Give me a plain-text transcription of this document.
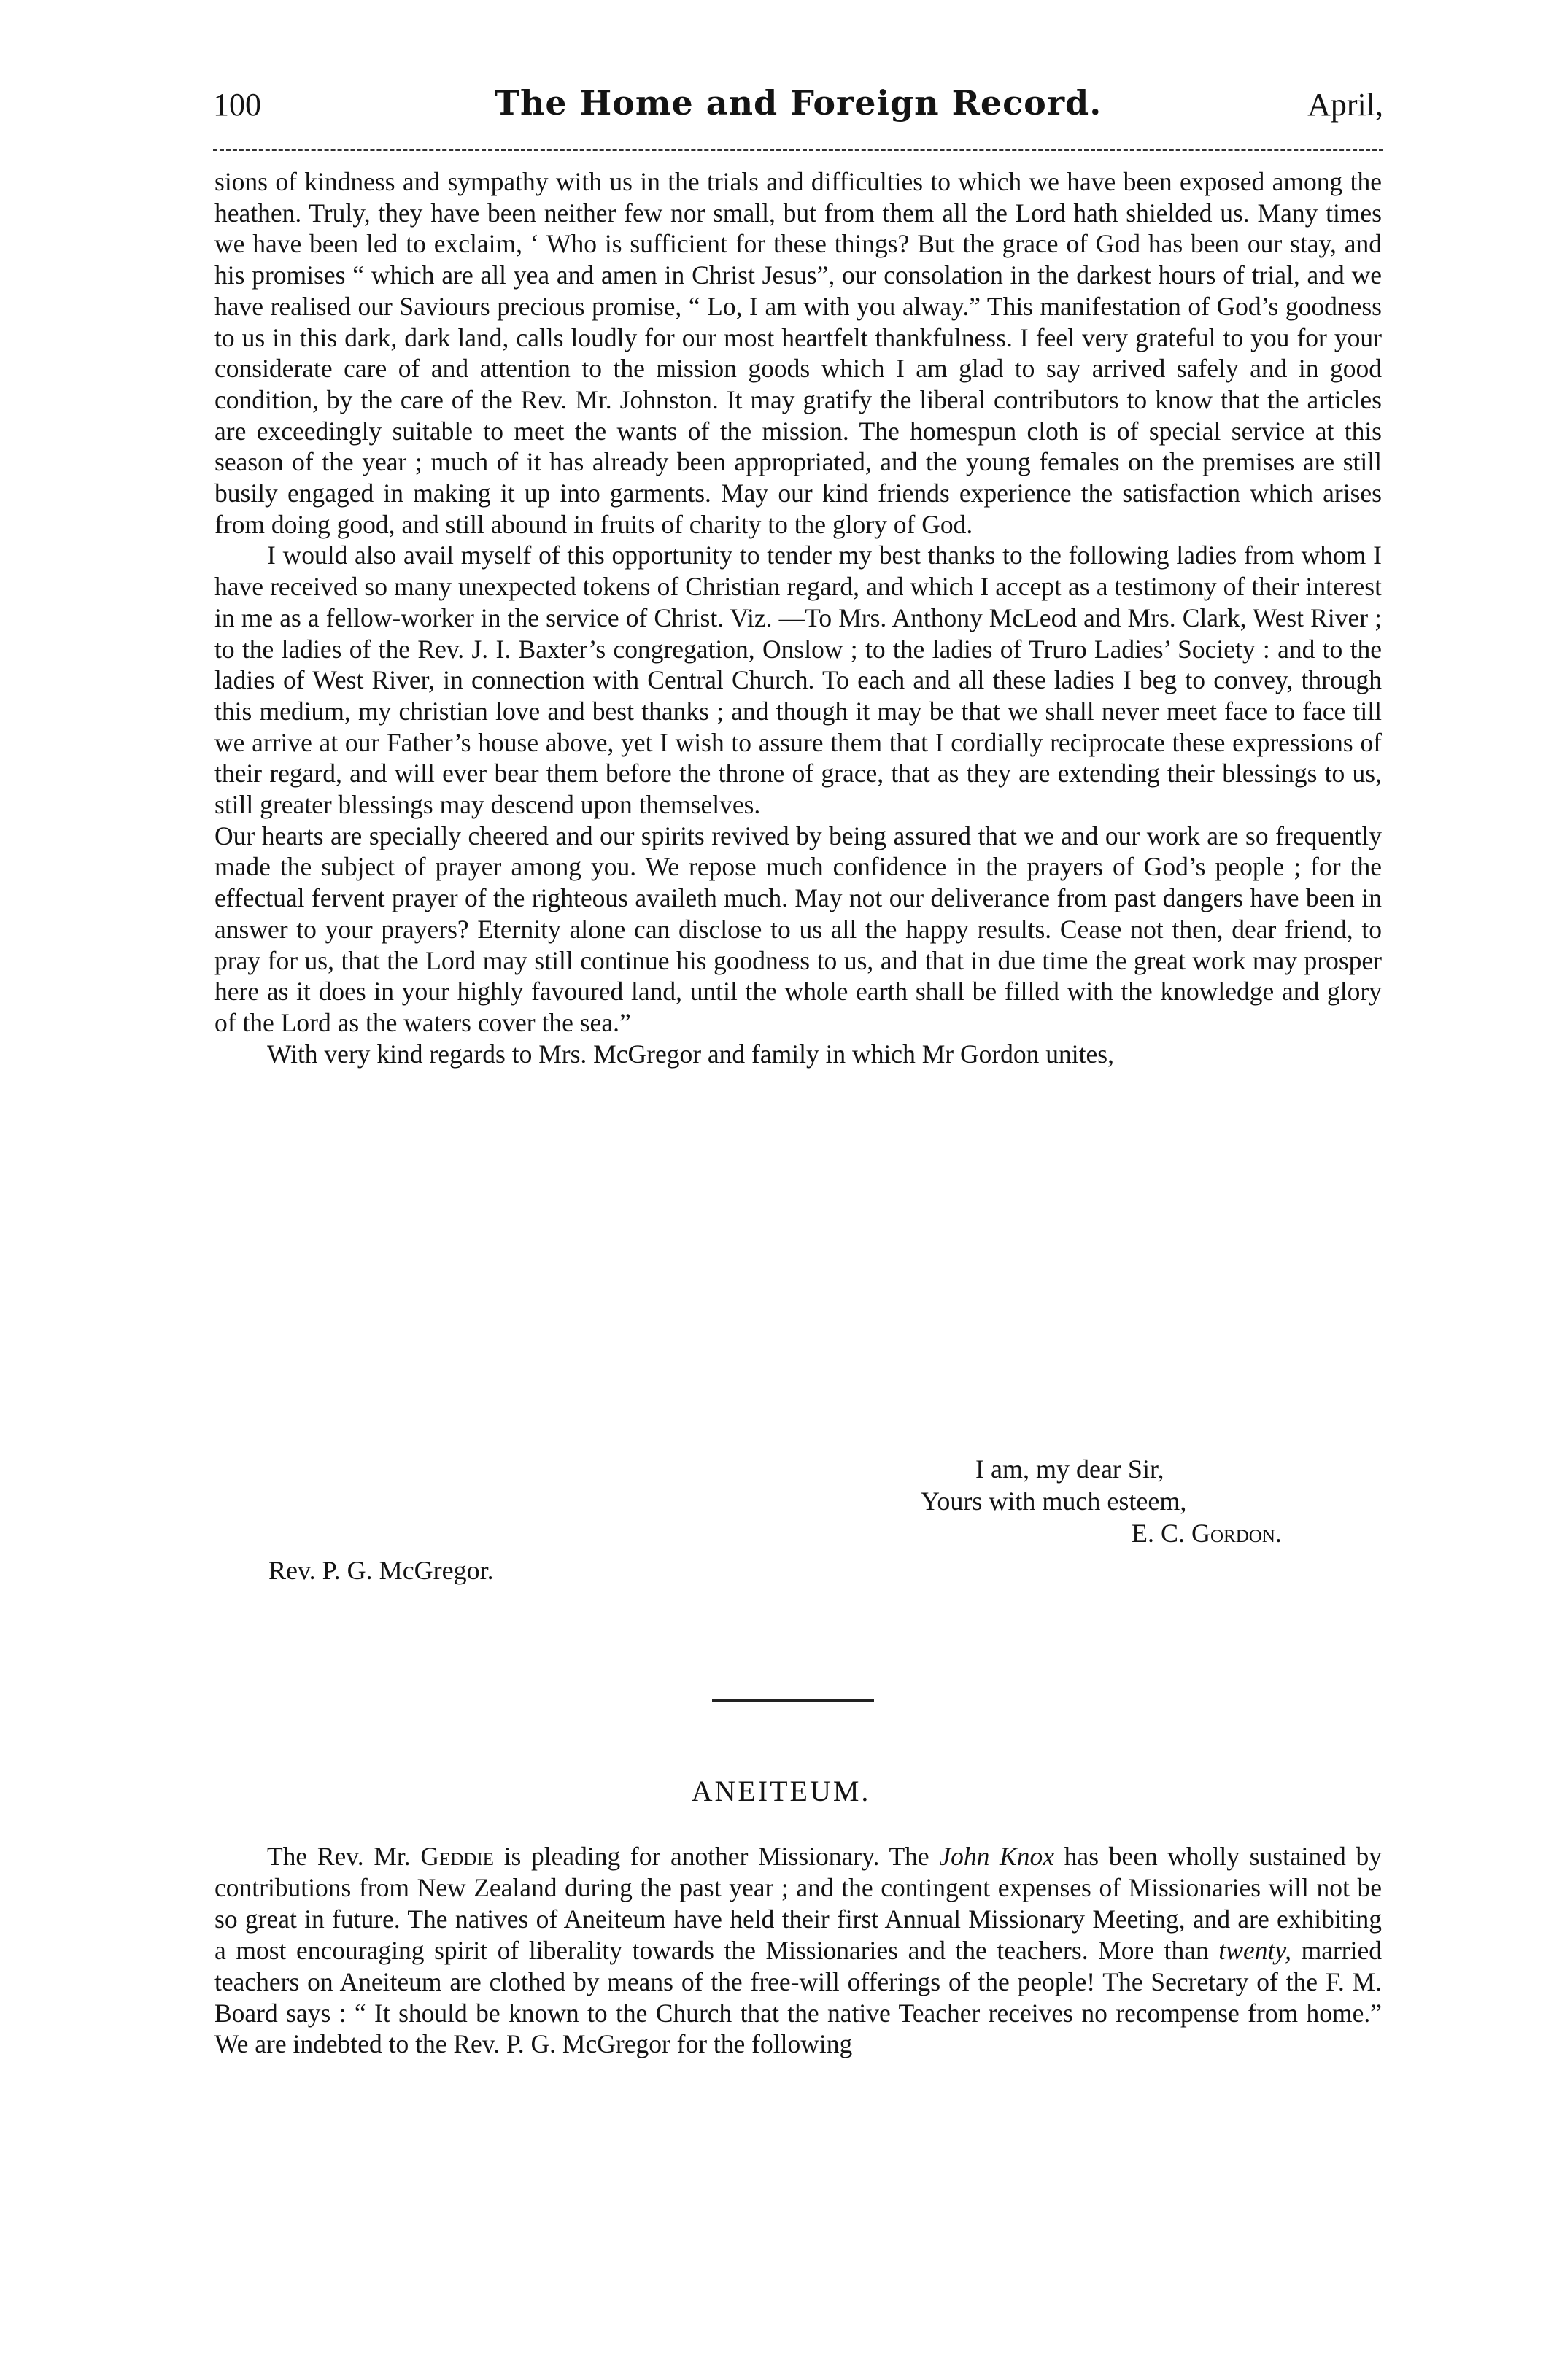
100	The Home and Foreign Record.	April,

sions of kindness and sympathy with us in the trials and difficulties to which we have been exposed among the heathen. Truly, they have been neither few nor small, but from them all the Lord hath shielded us. Many times we have been led to exclaim, ‘ Who is sufficient for these things? But the grace of God has been our stay, and his promises “ which are all yea and amen in Christ Jesus”, our consolation in the darkest hours of trial, and we have realised our Saviours precious promise, “ Lo, I am with you alway.” This manifestation of God’s goodness to us in this dark, dark land, calls loudly for our most heartfelt thankfulness. I feel very grateful to you for your considerate care of and attention to the mission goods which I am glad to say arrived safely and in good condition, by the care of the Rev. Mr. Johnston. It may gratify the liberal contributors to know that the articles are exceedingly suitable to meet the wants of the mission. The homespun cloth is of special service at this season of the year ; much of it has already been appropriated, and the young females on the premises are still busily engaged in making it up into garments. May our kind friends experience the satisfaction which arises from doing good, and still abound in fruits of charity to the glory of God.

I would also avail myself of this opportunity to tender my best thanks to the following ladies from whom I have received so many unexpected tokens of Christian regard, and which I accept as a testimony of their interest in me as a fellow-worker in the service of Christ. Viz. —To Mrs. Anthony McLeod and Mrs. Clark, West River ; to the ladies of the Rev. J. I. Baxter’s congregation, Onslow ; to the ladies of Truro Ladies’ Society : and to the ladies of West River, in connection with Central Church. To each and all these ladies I beg to convey, through this medium, my christian love and best thanks ; and though it may be that we shall never meet face to face till we arrive at our Father’s house above, yet I wish to assure them that I cordially reciprocate these expressions of their regard, and will ever bear them before the throne of grace, that as they are extending their blessings to us, still greater blessings may descend upon themselves.

Our hearts are specially cheered and our spirits revived by being assured that we and our work are so frequently made the subject of prayer among you. We repose much confidence in the prayers of God’s people ; for the effectual fervent prayer of the righteous availeth much. May not our deliverance from past dangers have been in answer to your prayers? Eternity alone can disclose to us all the happy results. Cease not then, dear friend, to pray for us, that the Lord may still continue his goodness to us, and that in due time the great work may prosper here as it does in your highly favoured land, until the whole earth shall be filled with the knowledge and glory of the Lord as the waters cover the sea.”

With very kind regards to Mrs. McGregor and family in which Mr Gordon unites,

I am, my dear Sir,
Yours with much esteem,
E. C. Gordon.
Rev. P. G. McGregor.
ANEITEUM.

The Rev. Mr. Geddie is pleading for another Missionary. The John Knox has been wholly sustained by contributions from New Zealand during the past year ; and the contingent expenses of Missionaries will not be so great in future. The natives of Aneiteum have held their first Annual Missionary Meeting, and are exhibiting a most encouraging spirit of liberality towards the Missionaries and the teachers. More than twenty, married teachers on Aneiteum are clothed by means of the free-will offerings of the people! The Secretary of the F. M. Board says : “ It should be known to the Church that the native Teacher receives no recompense from home.” We are indebted to the Rev. P. G. McGregor for the following
